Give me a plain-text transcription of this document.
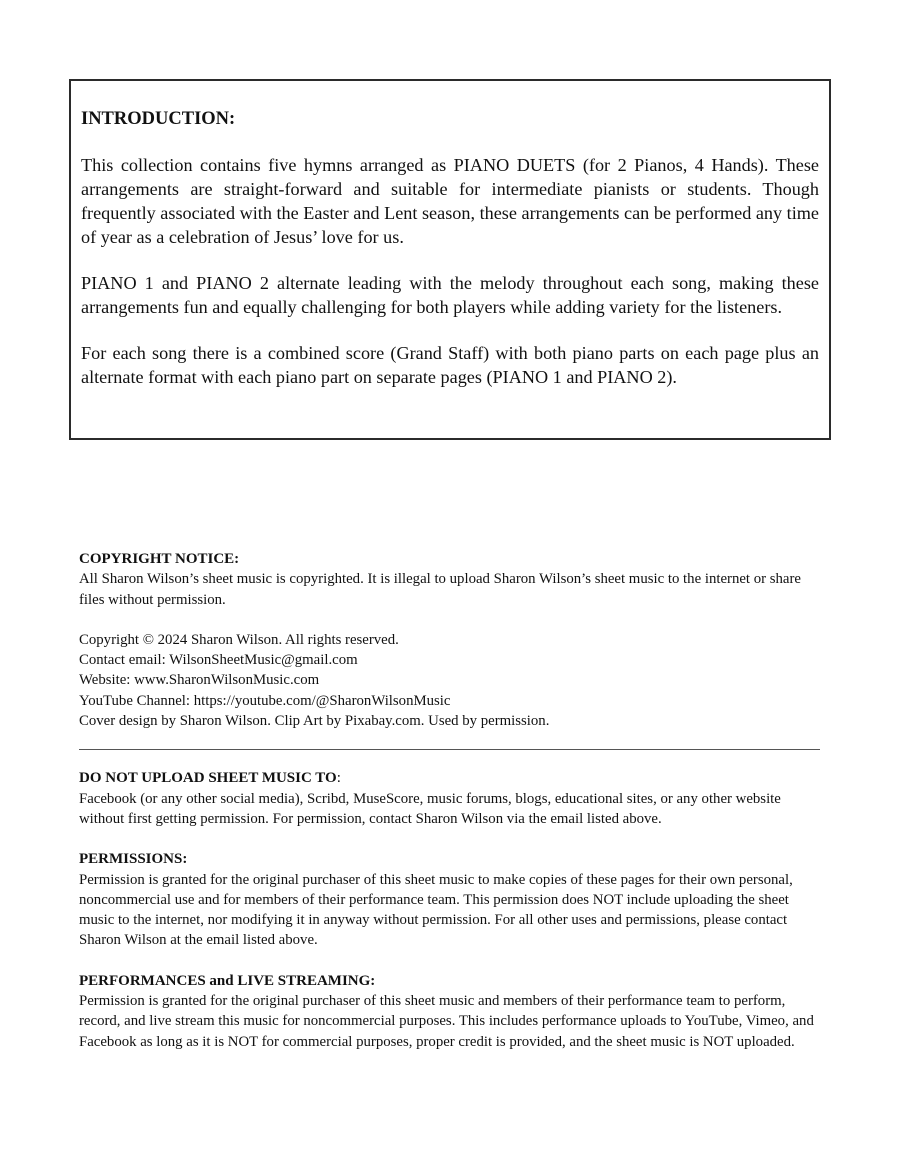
INTRODUCTION:

This collection contains five hymns arranged as PIANO DUETS (for 2 Pianos, 4 Hands). These arrangements are straight-forward and suitable for intermediate pianists or students. Though frequently associated with the Easter and Lent season, these arrangements can be performed any time of year as a celebration of Jesus’ love for us.

PIANO 1 and PIANO 2 alternate leading with the melody throughout each song, making these arrangements fun and equally challenging for both players while adding variety for the listeners.

For each song there is a combined score (Grand Staff) with both piano parts on each page plus an alternate format with each piano part on separate pages (PIANO 1 and PIANO 2).

COPYRIGHT NOTICE:

All Sharon Wilson’s sheet music is copyrighted. It is illegal to upload Sharon Wilson’s sheet music to the internet or share files without permission.

Copyright © 2024 Sharon Wilson. All rights reserved.
Contact email: WilsonSheetMusic@gmail.com
Website: www.SharonWilsonMusic.com
YouTube Channel: https://youtube.com/@SharonWilsonMusic
Cover design by Sharon Wilson. Clip Art by Pixabay.com. Used by permission.
DO NOT UPLOAD SHEET MUSIC TO:

Facebook (or any other social media), Scribd, MuseScore, music forums, blogs, educational sites, or any other website without first getting permission. For permission, contact Sharon Wilson via the email listed above.

PERMISSIONS:

Permission is granted for the original purchaser of this sheet music to make copies of these pages for their own personal, noncommercial use and for members of their performance team. This permission does NOT include uploading the sheet music to the internet, nor modifying it in anyway without permission. For all other uses and permissions, please contact Sharon Wilson at the email listed above.

PERFORMANCES and LIVE STREAMING:

Permission is granted for the original purchaser of this sheet music and members of their performance team to perform, record, and live stream this music for noncommercial purposes. This includes performance uploads to YouTube, Vimeo, and Facebook as long as it is NOT for commercial purposes, proper credit is provided, and the sheet music is NOT uploaded.
